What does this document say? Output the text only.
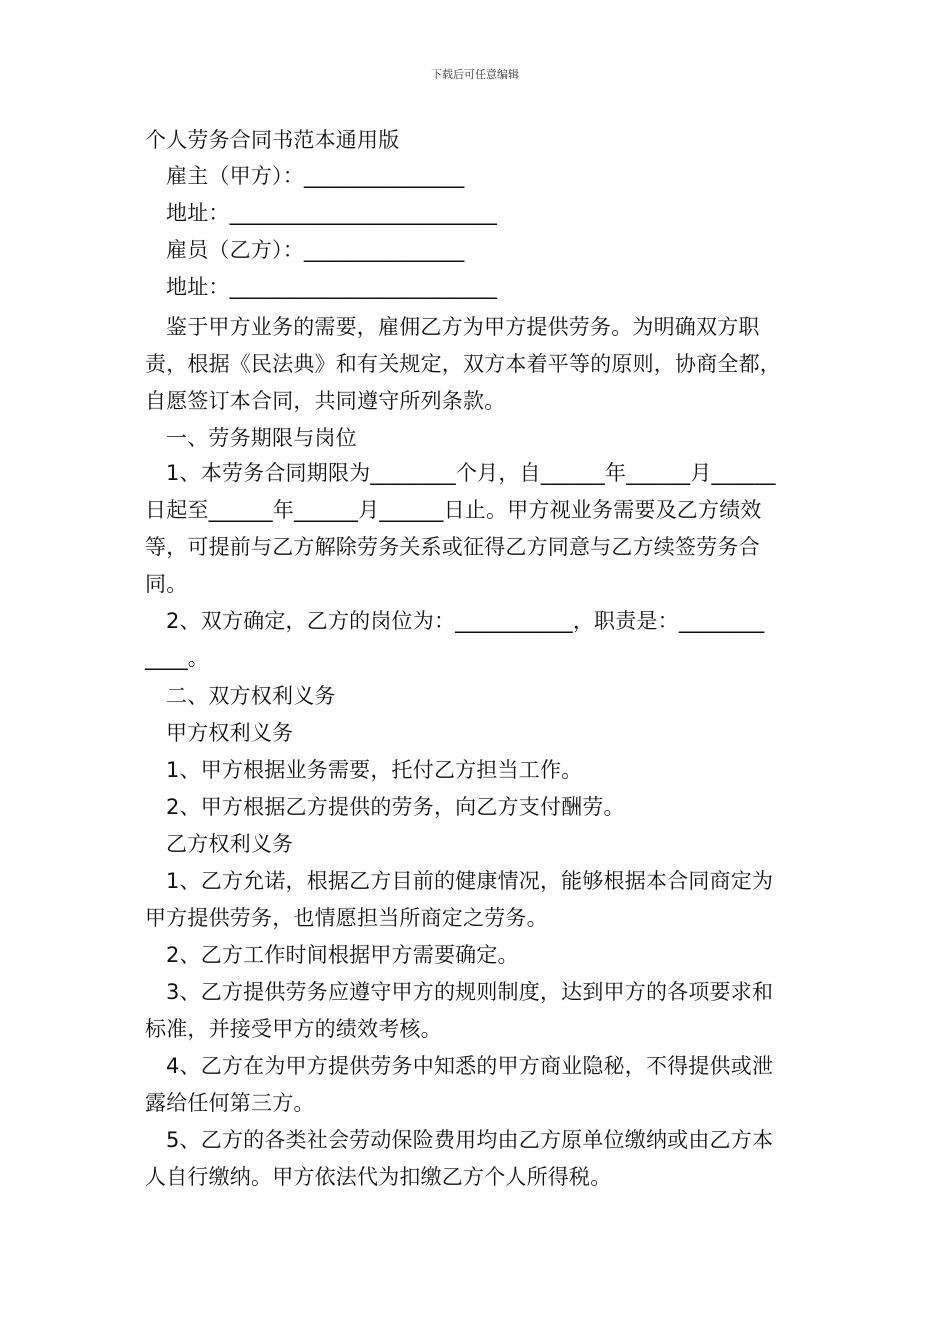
下载后可任意编辑
个人劳务合同书范本通用版
雇主（甲方）：_______________
地址：_________________________
雇员（乙方）：_______________
地址：_________________________
鉴于甲方业务的需要，雇佣乙方为甲方提供劳务。为明确双方职
责，根据《民法典》和有关规定，双方本着平等的原则，协商全都，
自愿签订本合同，共同遵守所列条款。
一、劳务期限与岗位
1、本劳务合同期限为________个月，自______年______月______
日起至______年______月______日止。甲方视业务需要及乙方绩效
等，可提前与乙方解除劳务关系或征得乙方同意与乙方续签劳务合
同。
2、双方确定，乙方的岗位为：___________，职责是：________
____。
二、双方权利义务
甲方权利义务
1、甲方根据业务需要，托付乙方担当工作。
2、甲方根据乙方提供的劳务，向乙方支付酬劳。
乙方权利义务
1、乙方允诺，根据乙方目前的健康情况，能够根据本合同商定为
甲方提供劳务，也情愿担当所商定之劳务。
2、乙方工作时间根据甲方需要确定。
3、乙方提供劳务应遵守甲方的规则制度，达到甲方的各项要求和
标准，并接受甲方的绩效考核。
4、乙方在为甲方提供劳务中知悉的甲方商业隐秘，不得提供或泄
露给任何第三方。
5、乙方的各类社会劳动保险费用均由乙方原单位缴纳或由乙方本
人自行缴纳。甲方依法代为扣缴乙方个人所得税。
